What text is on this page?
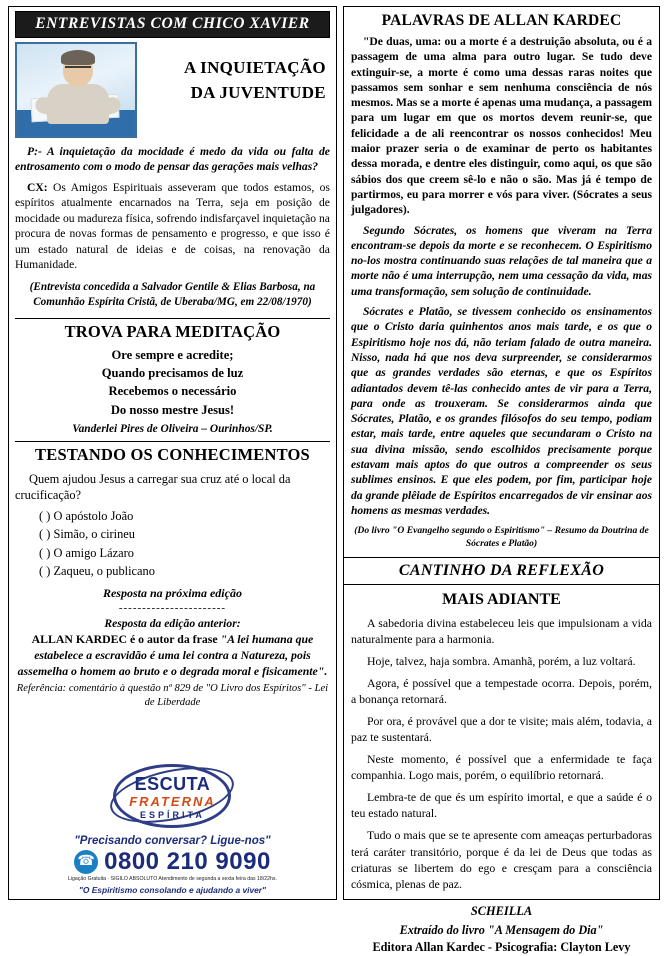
ENTREVISTAS COM CHICO XAVIER
A INQUIETAÇÃO
DA JUVENTUDE

P:- A inquietação da mocidade é medo da vida ou falta de entrosamento com o modo de pensar das gerações mais velhas?

CX: Os Amigos Espirituais asseveram que todos estamos, os espíritos atualmente encarnados na Terra, seja em posição de mocidade ou madureza física, sofrendo indisfarçavel inquietação na procura de novas formas de pensamento e progresso, e que isso é um estado natural de ideias e de coisas, na renovação da Humanidade.

(Entrevista concedida a Salvador Gentile & Elias Barbosa, na Comunhão Espírita Cristã, de Uberaba/MG, em 22/08/1970)
TROVA PARA MEDITAÇÃO
Ore sempre e acredite;
Quando precisamos de luz
Recebemos o necessário
Do nosso mestre Jesus!
Vanderlei Pires de Oliveira – Ourinhos/SP.
TESTANDO OS CONHECIMENTOS
Quem ajudou Jesus a carregar sua cruz até o local da crucificação?
( ) O apóstolo João
( ) Simão, o cirineu
( ) O amigo Lázaro
( ) Zaqueu, o publicano
Resposta na próxima edição
-----------------------
Resposta da edição anterior:
ALLAN KARDEC é o autor da frase "A lei humana que estabelece a escravidão é uma lei contra a Natureza, pois assemelha o homem ao bruto e o degrada moral e fisicamente".
Referência: comentário à questão nº 829 de "O Livro dos Espíritos" - Lei de Liberdade
ESCUTA
FRATERNA
ESPÍRITA
"Precisando conversar? Ligue-nos"
☎
0800 210 9090
Ligação Gratuita · SIGILO ABSOLUTO Atendimento de segunda a sexta feira das 18/22hs.
"O Espiritismo consolando e ajudando a viver"
PALAVRAS DE ALLAN KARDEC

"De duas, uma: ou a morte é a destruição absoluta, ou é a passagem de uma alma para outro lugar. Se tudo deve extinguir-se, a morte é como uma dessas raras noites que passamos sem sonhar e sem nenhuma consciência de nós mesmos. Mas se a morte é apenas uma mudança, a passagem para um lugar em que os mortos devem reunir-se, que felicidade a de ali reencontrar os nossos conhecidos! Meu maior prazer seria o de examinar de perto os habitantes dessa morada, e dentre eles distinguir, como aqui, os que são sábios dos que creem sê-lo e não o são. Mas já é tempo de partirmos, eu para morrer e vós para viver. (Sócrates a seus julgadores).

Segundo Sócrates, os homens que viveram na Terra encontram-se depois da morte e se reconhecem. O Espiritismo no-los mostra continuando suas relações de tal maneira que a morte não é uma interrupção, nem uma cessação da vida, mas uma transformação, sem solução de continuidade.

Sócrates e Platão, se tivessem conhecido os ensinamentos que o Cristo daria quinhentos anos mais tarde, e os que o Espiritismo hoje nos dá, não teriam falado de outra maneira. Nisso, nada há que nos deva surpreender, se considerarmos que as grandes verdades são eternas, e que os Espíritos adiantados devem tê-las conhecido antes de vir para a Terra, para onde as trouxeram. Se considerarmos ainda que Sócrates, Platão, e os grandes filósofos do seu tempo, podiam estar, mais tarde, entre aqueles que secundaram o Cristo na sua divina missão, sendo escolhidos precisamente porque estavam mais aptos do que outros a compreender os seus sublimes ensinos. E que eles podem, por fim, participar hoje da grande plêiade de Espíritos encarregados de vir ensinar aos homens as mesmas verdades.

(Do livro "O Evangelho segundo o Espiritismo" – Resumo da Doutrina de Sócrates e Platão)
CANTINHO DA REFLEXÃO
MAIS ADIANTE

A sabedoria divina estabeleceu leis que impulsionam a vida naturalmente para a harmonia.

Hoje, talvez, haja sombra. Amanhã, porém, a luz voltará.

Agora, é possível que a tempestade ocorra. Depois, porém, a bonança retornará.

Por ora, é provável que a dor te visite; mais além, todavia, a paz te sustentará.

Neste momento, é possível que a enfermidade te faça companhia. Logo mais, porém, o equilíbrio retornará.

Lembra-te de que és um espírito imortal, e que a saúde é o teu estado natural.

Tudo o mais que se te apresente com ameaças perturbadoras terá caráter transitório, porque é da lei de Deus que todas as criaturas se libertem do ego e cresçam para a consciência cósmica, plenas de paz.

SCHEILLA
Extraído do livro "A Mensagem do Dia"
Editora Allan Kardec - Psicografia: Clayton Levy
